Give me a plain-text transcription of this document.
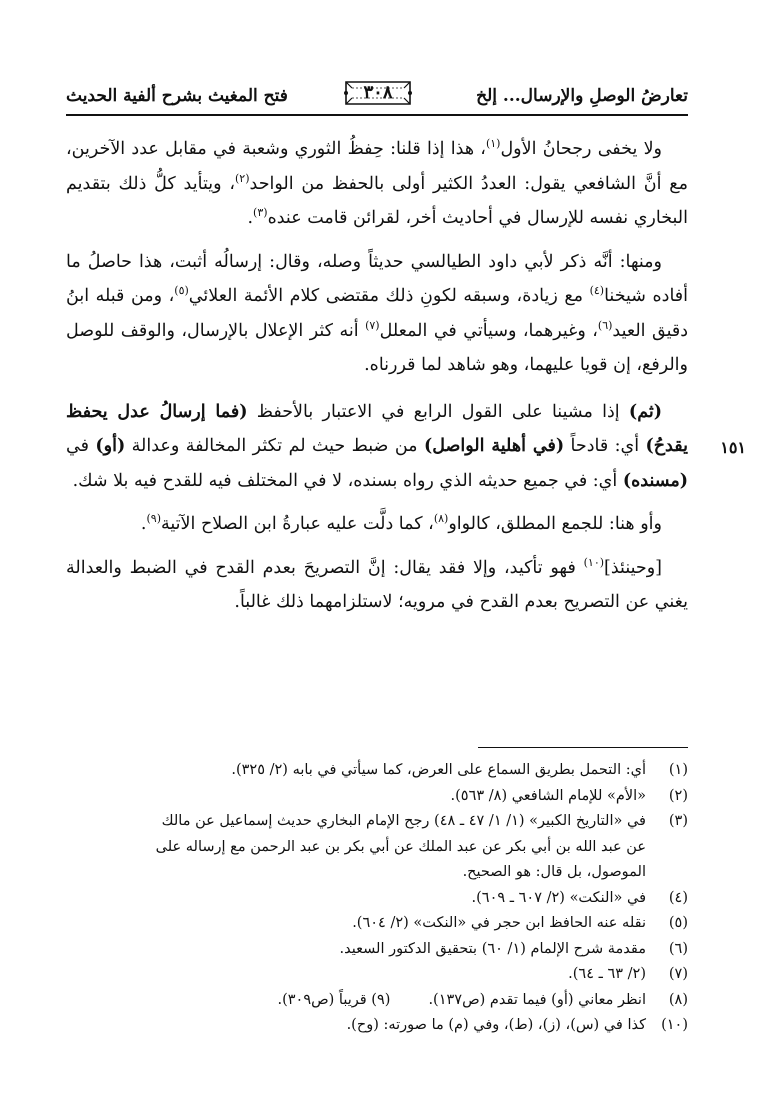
تعارضُ الوصلِ والإرسال... إلخ
٣٠٨
فتح المغيث بشرح ألفية الحديث

ولا يخفى رجحانُ الأول$^{(١)}$، هذا إذا قلنا: حِفظُ الثوري وشعبة في مقابل عدد الآخرين، مع أنَّ الشافعي يقول: العددُ الكثير أولى بالحفظ من الواحد$^{(٢)}$، ويتأيد كلُّ ذلك بتقديم البخاري نفسه للإرسال في أحاديث أخر، لقرائن قامت عنده$^{(٣)}$.

ومنها: أنَّه ذكر لأبي داود الطيالسي حديثاً وصله، وقال: إرسالُه أثبت، هذا حاصلُ ما أفاده شيخنا$^{(٤)}$ مع زيادة، وسبقه لكونِ ذلك مقتضى كلام الأئمة العلائي$^{(٥)}$، ومن قبله ابنُ دقيق العيد$^{(٦)}$، وغيرهما، وسيأتي في المعلل$^{(٧)}$ أنه كثر الإعلال بالإرسال، والوقف للوصل والرفع، إن قويا عليهما، وهو شاهد لما قررناه.

١٥١

(ثم) إذا مشينا على القول الرابع في الاعتبار بالأحفظ (فما إرسالُ عدل يحفظ يقدحُ) أي: قادحاً (في أهلية الواصل) من ضبط حيث لم تكثر المخالفة وعدالة (أو) في (مسنده) أي: في جميع حديثه الذي رواه بسنده، لا في المختلف فيه للقدح فيه بلا شك.

وأو هنا: للجمع المطلق، كالواو$^{(٨)}$، كما دلَّت عليه عبارةُ ابن الصلاح الآتية$^{(٩)}$.

[وحينئذ]$^{(١٠)}$ فهو تأكيد، وإلا فقد يقال: إنَّ التصريحَ بعدم القدح في الضبط والعدالة يغني عن التصريح بعدم القدح في مرويه؛ لاستلزامهما ذلك غالباً.

(١)
أي: التحمل بطريق السماع على العرض، كما سيأتي في بابه (٢/ ٣٢٥).

(٢)
«الأم» للإمام الشافعي (٨/ ٥٦٣).

(٣)
في «التاريخ الكبير» (١/ ١/ ٤٧ ـ ٤٨) رجح الإمام البخاري حديث إسماعيل عن مالك عن عبد الله بن أبي بكر عن عبد الملك عن أبي بكر بن عبد الرحمن مع إرساله على الموصول، بل قال: هو الصحيح.

(٤)
في «النكت» (٢/ ٦٠٧ ـ ٦٠٩).

(٥)
نقله عنه الحافظ ابن حجر في «النكت» (٢/ ٦٠٤).

(٦)
مقدمة شرح الإلمام (١/ ٦٠) بتحقيق الدكتور السعيد.

(٧)
(٢/ ٦٣ ـ ٦٤).

(٨)
انظر معاني (أو) فيما تقدم (ص١٣٧).
(٩) قريباً (ص٣٠٩).

(١٠)
كذا في (س)، (ز)، (ط)، وفي (م) ما صورته: (وح).
